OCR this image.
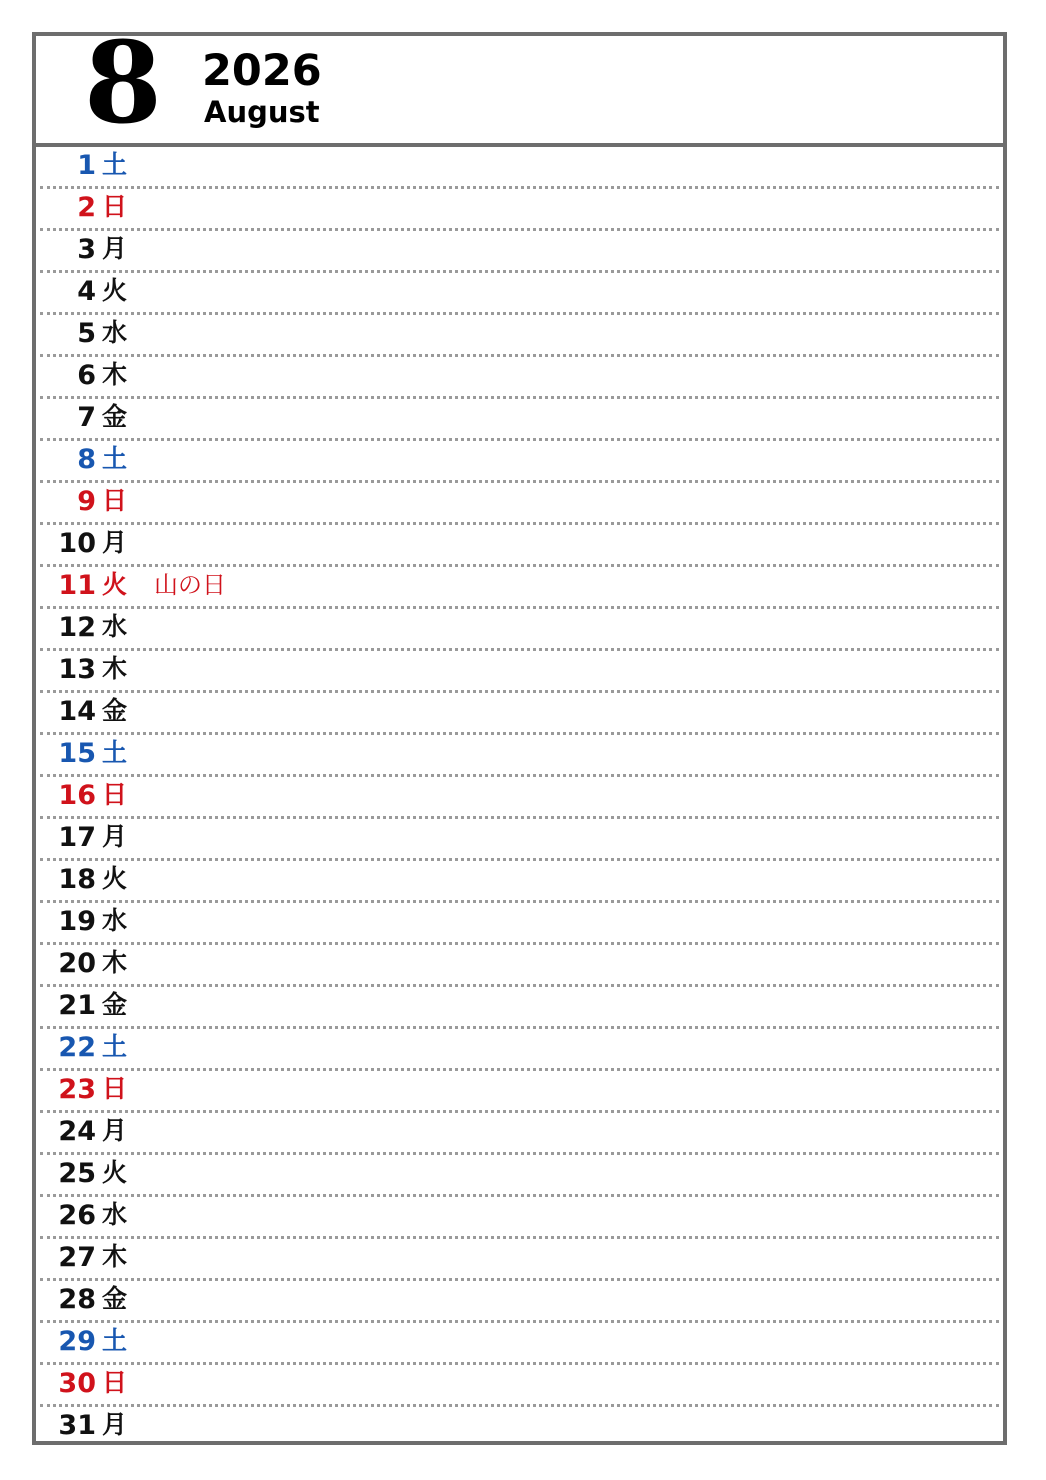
8 2026
August
1 土
2 日
3 月
4 火
5 水
6 木
7 金
8 土
9 日
10 月
11 火 山の日
12 水
13 木
14 金
15 土
16 日
17 月
18 火
19 水
20 木
21 金
22 土
23 日
24 月
25 火
26 水
27 木
28 金
29 土
30 日
31 月
